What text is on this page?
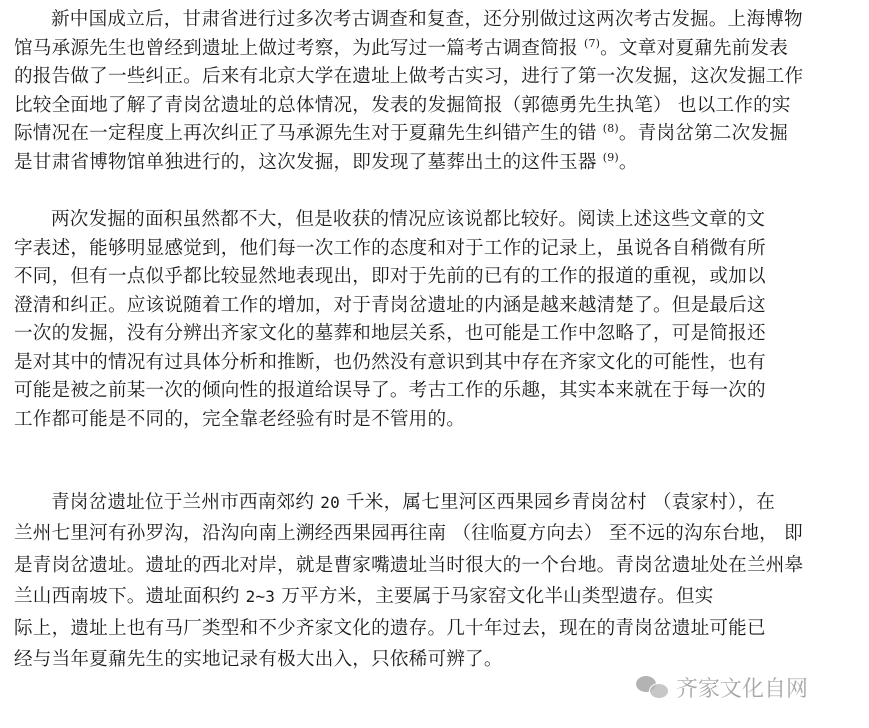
新中国成立后，甘肃省进行过多次考古调查和复查，还分别做过这两次考古发掘。上海博物
馆马承源先生也曾经到遗址上做过考察，为此写过一篇考古调查简报 $^{(7)}$。文章对夏鼐先前发表
的报告做了一些纠正。后来有北京大学在遗址上做考古实习，进行了第一次发掘，这次发掘工作
比较全面地了解了青岗岔遗址的总体情况，发表的发掘简报（郭德勇先生执笔） 也以工作的实
际情况在一定程度上再次纠正了马承源先生对于夏鼐先生纠错产生的错 $^{(8)}$。青岗岔第二次发掘
是甘肃省博物馆单独进行的，这次发掘，即发现了墓葬出土的这件玉器 $^{(9)}$。
两次发掘的面积虽然都不大，但是收获的情况应该说都比较好。阅读上述这些文章的文
字表述，能够明显感觉到，他们每一次工作的态度和对于工作的记录上，虽说各自稍微有所
不同，但有一点似乎都比较显然地表现出，即对于先前的已有的工作的报道的重视，或加以
澄清和纠正。应该说随着工作的增加，对于青岗岔遗址的内涵是越来越清楚了。但是最后这
一次的发掘，没有分辨出齐家文化的墓葬和地层关系，也可能是工作中忽略了，可是简报还
是对其中的情况有过具体分析和推断，也仍然没有意识到其中存在齐家文化的可能性，也有
可能是被之前某一次的倾向性的报道给误导了。考古工作的乐趣，其实本来就在于每一次的
工作都可能是不同的，完全靠老经验有时是不管用的。
青岗岔遗址位于兰州市西南郊约 20 千米，属七里河区西果园乡青岗岔村 （袁家村），在
兰州七里河有孙罗沟，沿沟向南上溯经西果园再往南 （往临夏方向去） 至不远的沟东台地， 即
是青岗岔遗址。遗址的西北对岸，就是曹家嘴遗址当时很大的一个台地。青岗岔遗址处在兰州皋
兰山西南坡下。遗址面积约 2~3 万平方米，主要属于马家窑文化半山类型遗存。但实
际上，遗址上也有马厂类型和不少齐家文化的遗存。几十年过去，现在的青岗岔遗址可能已
经与当年夏鼐先生的实地记录有极大出入，只依稀可辨了。
齐家文化自网
